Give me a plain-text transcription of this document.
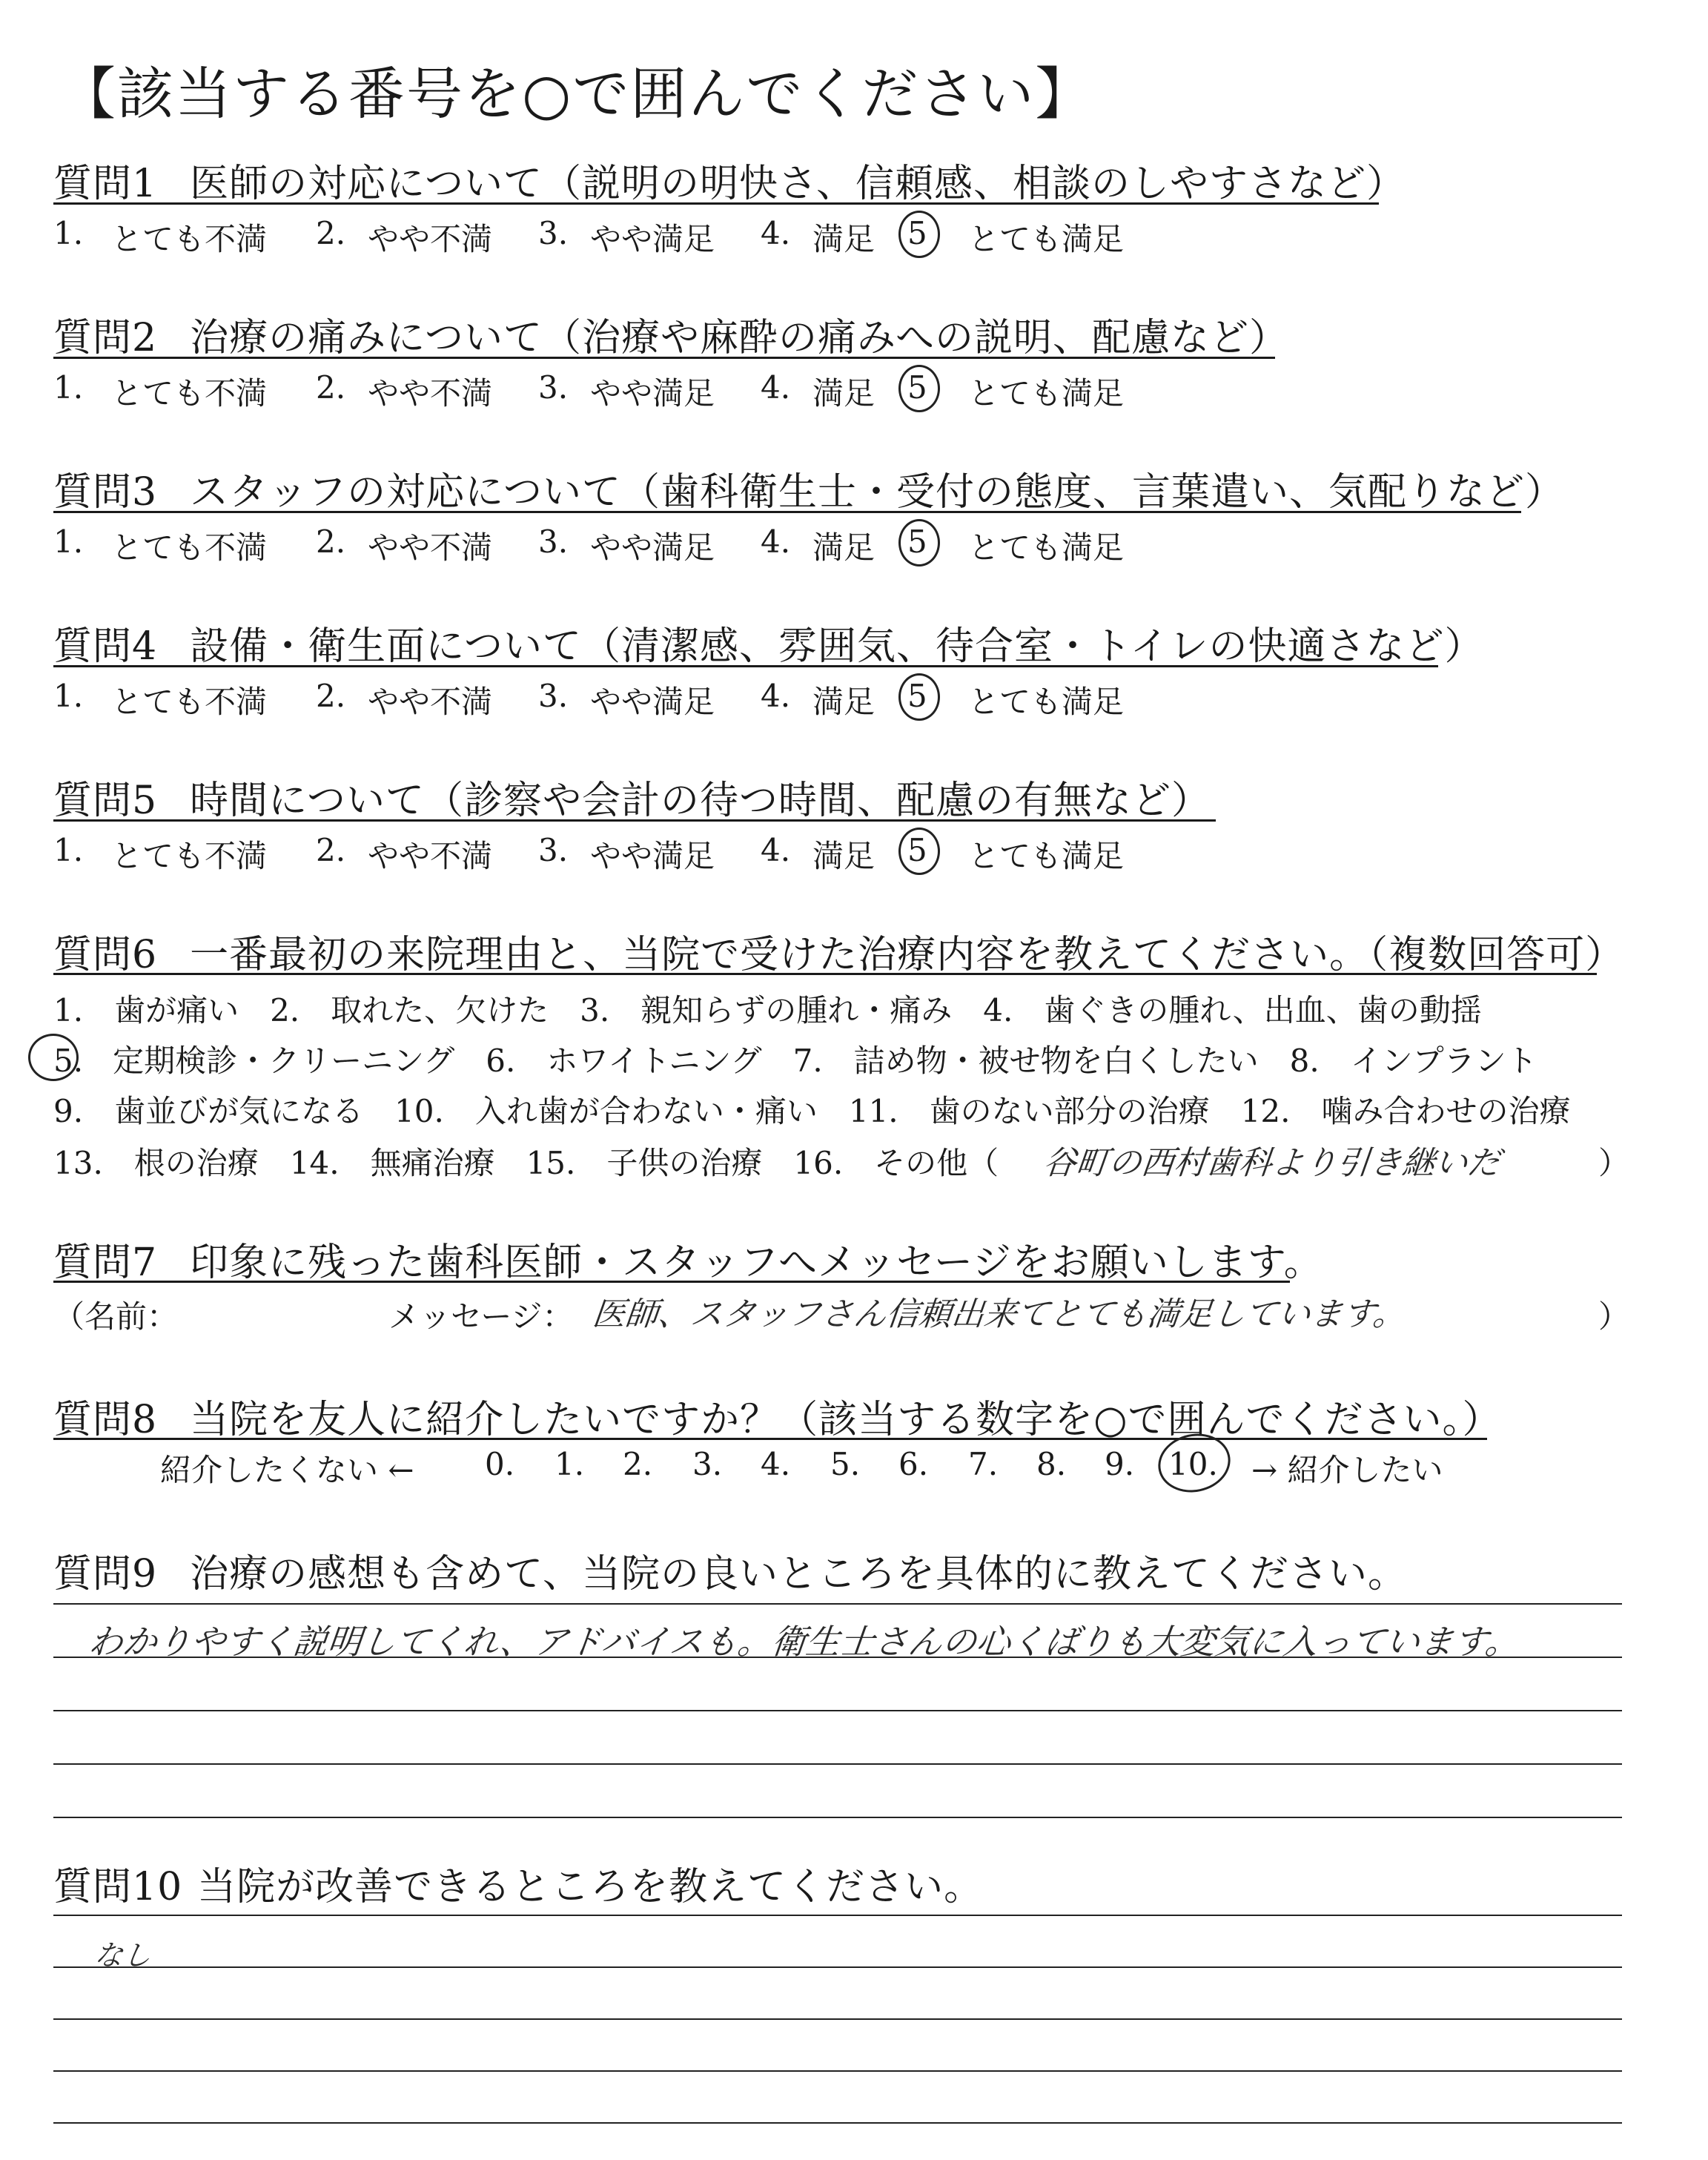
【該当する番号を○で囲んでください】
質問1 医師の対応について（説明の明快さ、信頼感、相談のしやすさなど）
1. とても不満 2. やや不満 3. やや満足 4. 満足 5 とても満足
質問2 治療の痛みについて（治療や麻酔の痛みへの説明、配慮など）
1. とても不満 2. やや不満 3. やや満足 4. 満足 5 とても満足
質問3 スタッフの対応について（歯科衛生士・受付の態度、言葉遣い、気配りなど）
1. とても不満 2. やや不満 3. やや満足 4. 満足 5 とても満足
質問4 設備・衛生面について（清潔感、雰囲気、待合室・トイレの快適さなど）
1. とても不満 2. やや不満 3. やや満足 4. 満足 5 とても満足
質問5 時間について（診察や会計の待つ時間、配慮の有無など）
1. とても不満 2. やや不満 3. やや満足 4. 満足 5 とても満足
質問6 一番最初の来院理由と、当院で受けた治療内容を教えてください。（複数回答可）
1.　歯が痛い　2.　取れた、欠けた　3.　親知らずの腫れ・痛み　4.　歯ぐきの腫れ、出血、歯の動揺
5. 定期検診・クリーニング　6.　ホワイトニング　7.　詰め物・被せ物を白くしたい　8.　インプラント
9.　歯並びが気になる　10.　入れ歯が合わない・痛い　11.　歯のない部分の治療　12.　噛み合わせの治療
13.　根の治療　14.　無痛治療　15.　子供の治療　16.　その他（ 谷町の西村歯科より引き継いだ	）
質問7 印象に残った歯科医師・スタッフへメッセージをお願いします。
（名前：	メッセージ： 医師、スタッフさん信頼出来てとても満足しています。	）
質問8 当院を友人に紹介したいですか？（該当する数字を○で囲んでください。）
紹介したくない ← 0. 1. 2. 3. 4. 5. 6. 7. 8. 9. 10. → 紹介したい
質問9 治療の感想も含めて、当院の良いところを具体的に教えてください。
わかりやすく説明してくれ、アドバイスも。衛生士さんの心くばりも大変気に入っています。
質問10 当院が改善できるところを教えてください。
なし
